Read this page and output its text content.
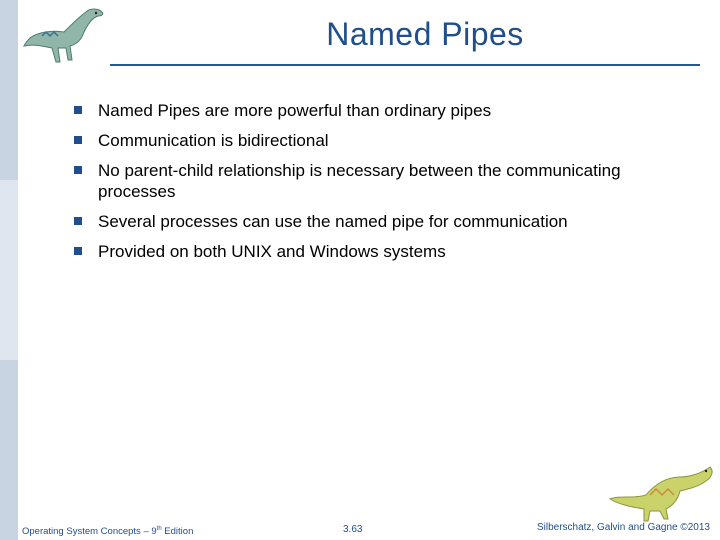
Named Pipes
Named Pipes are more powerful than ordinary pipes
Communication is bidirectional
No parent-child relationship is necessary between the communicating processes
Several processes can use the named pipe for communication
Provided on both UNIX and Windows systems
Operating System Concepts – 9th Edition	3.63	Silberschatz, Galvin and Gagne ©2013
